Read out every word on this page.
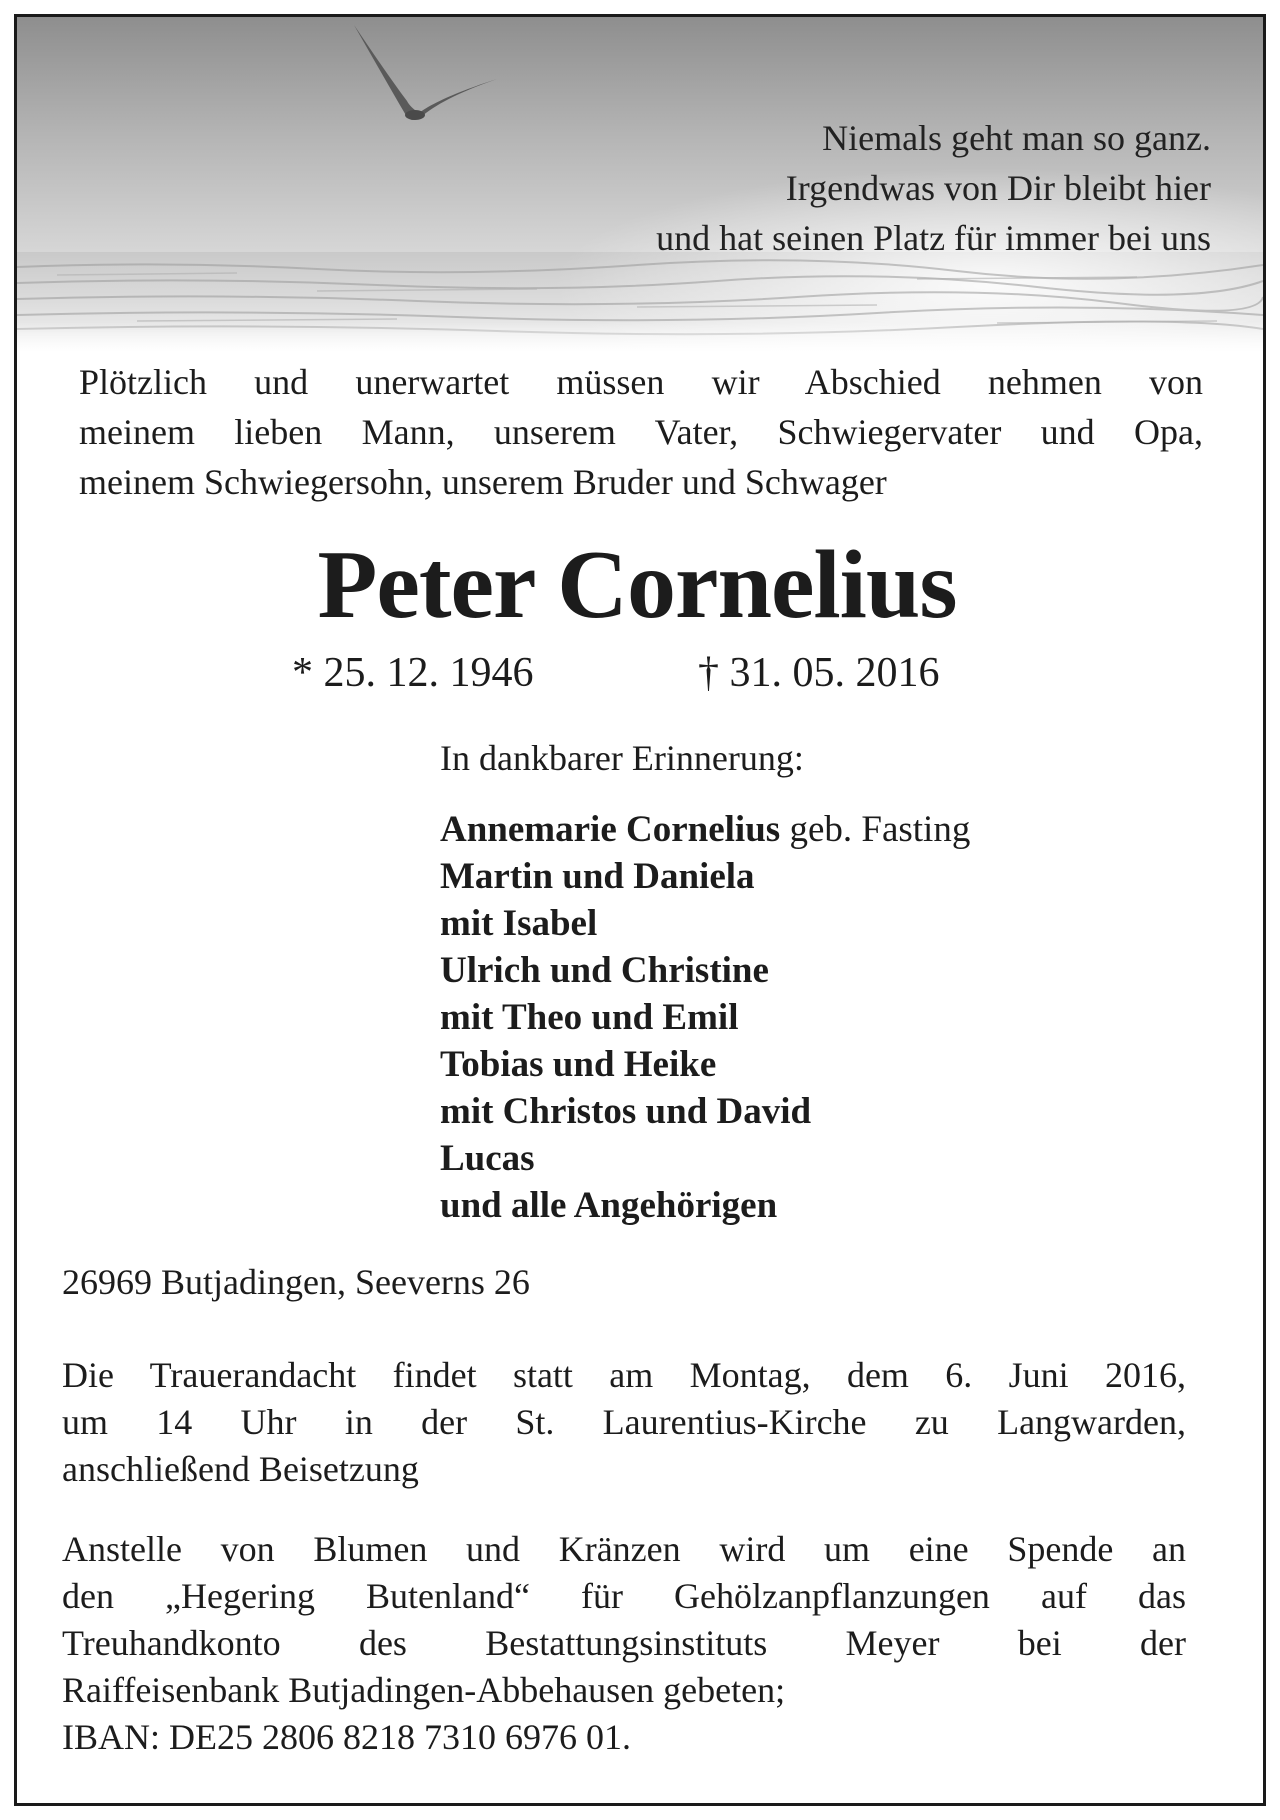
Niemals geht man so ganz.
Irgendwas von Dir bleibt hier
und hat seinen Platz für immer bei uns
Plötzlich und unerwartet müssen wir Abschied nehmen von
meinem lieben Mann, unserem Vater, Schwiegervater und Opa,
meinem Schwiegersohn, unserem Bruder und Schwager
Peter Cornelius
* 25. 12. 1946	† 31. 05. 2016
In dankbarer Erinnerung:
Annemarie Cornelius geb. Fasting
Martin und Daniela
mit Isabel
Ulrich und Christine
mit Theo und Emil
Tobias und Heike
mit Christos und David
Lucas
und alle Angehörigen
26969 Butjadingen, Seeverns 26
Die Trauerandacht findet statt am Montag, dem 6. Juni 2016,
um 14 Uhr in der St. Laurentius-Kirche zu Langwarden,
anschließend Beisetzung
Anstelle von Blumen und Kränzen wird um eine Spende an
den „Hegering Butenland“ für Gehölzanpflanzungen auf das
Treuhandkonto des Bestattungsinstituts Meyer bei der
Raiffeisenbank Butjadingen-Abbehausen gebeten;
IBAN: DE25 2806 8218 7310 6976 01.
